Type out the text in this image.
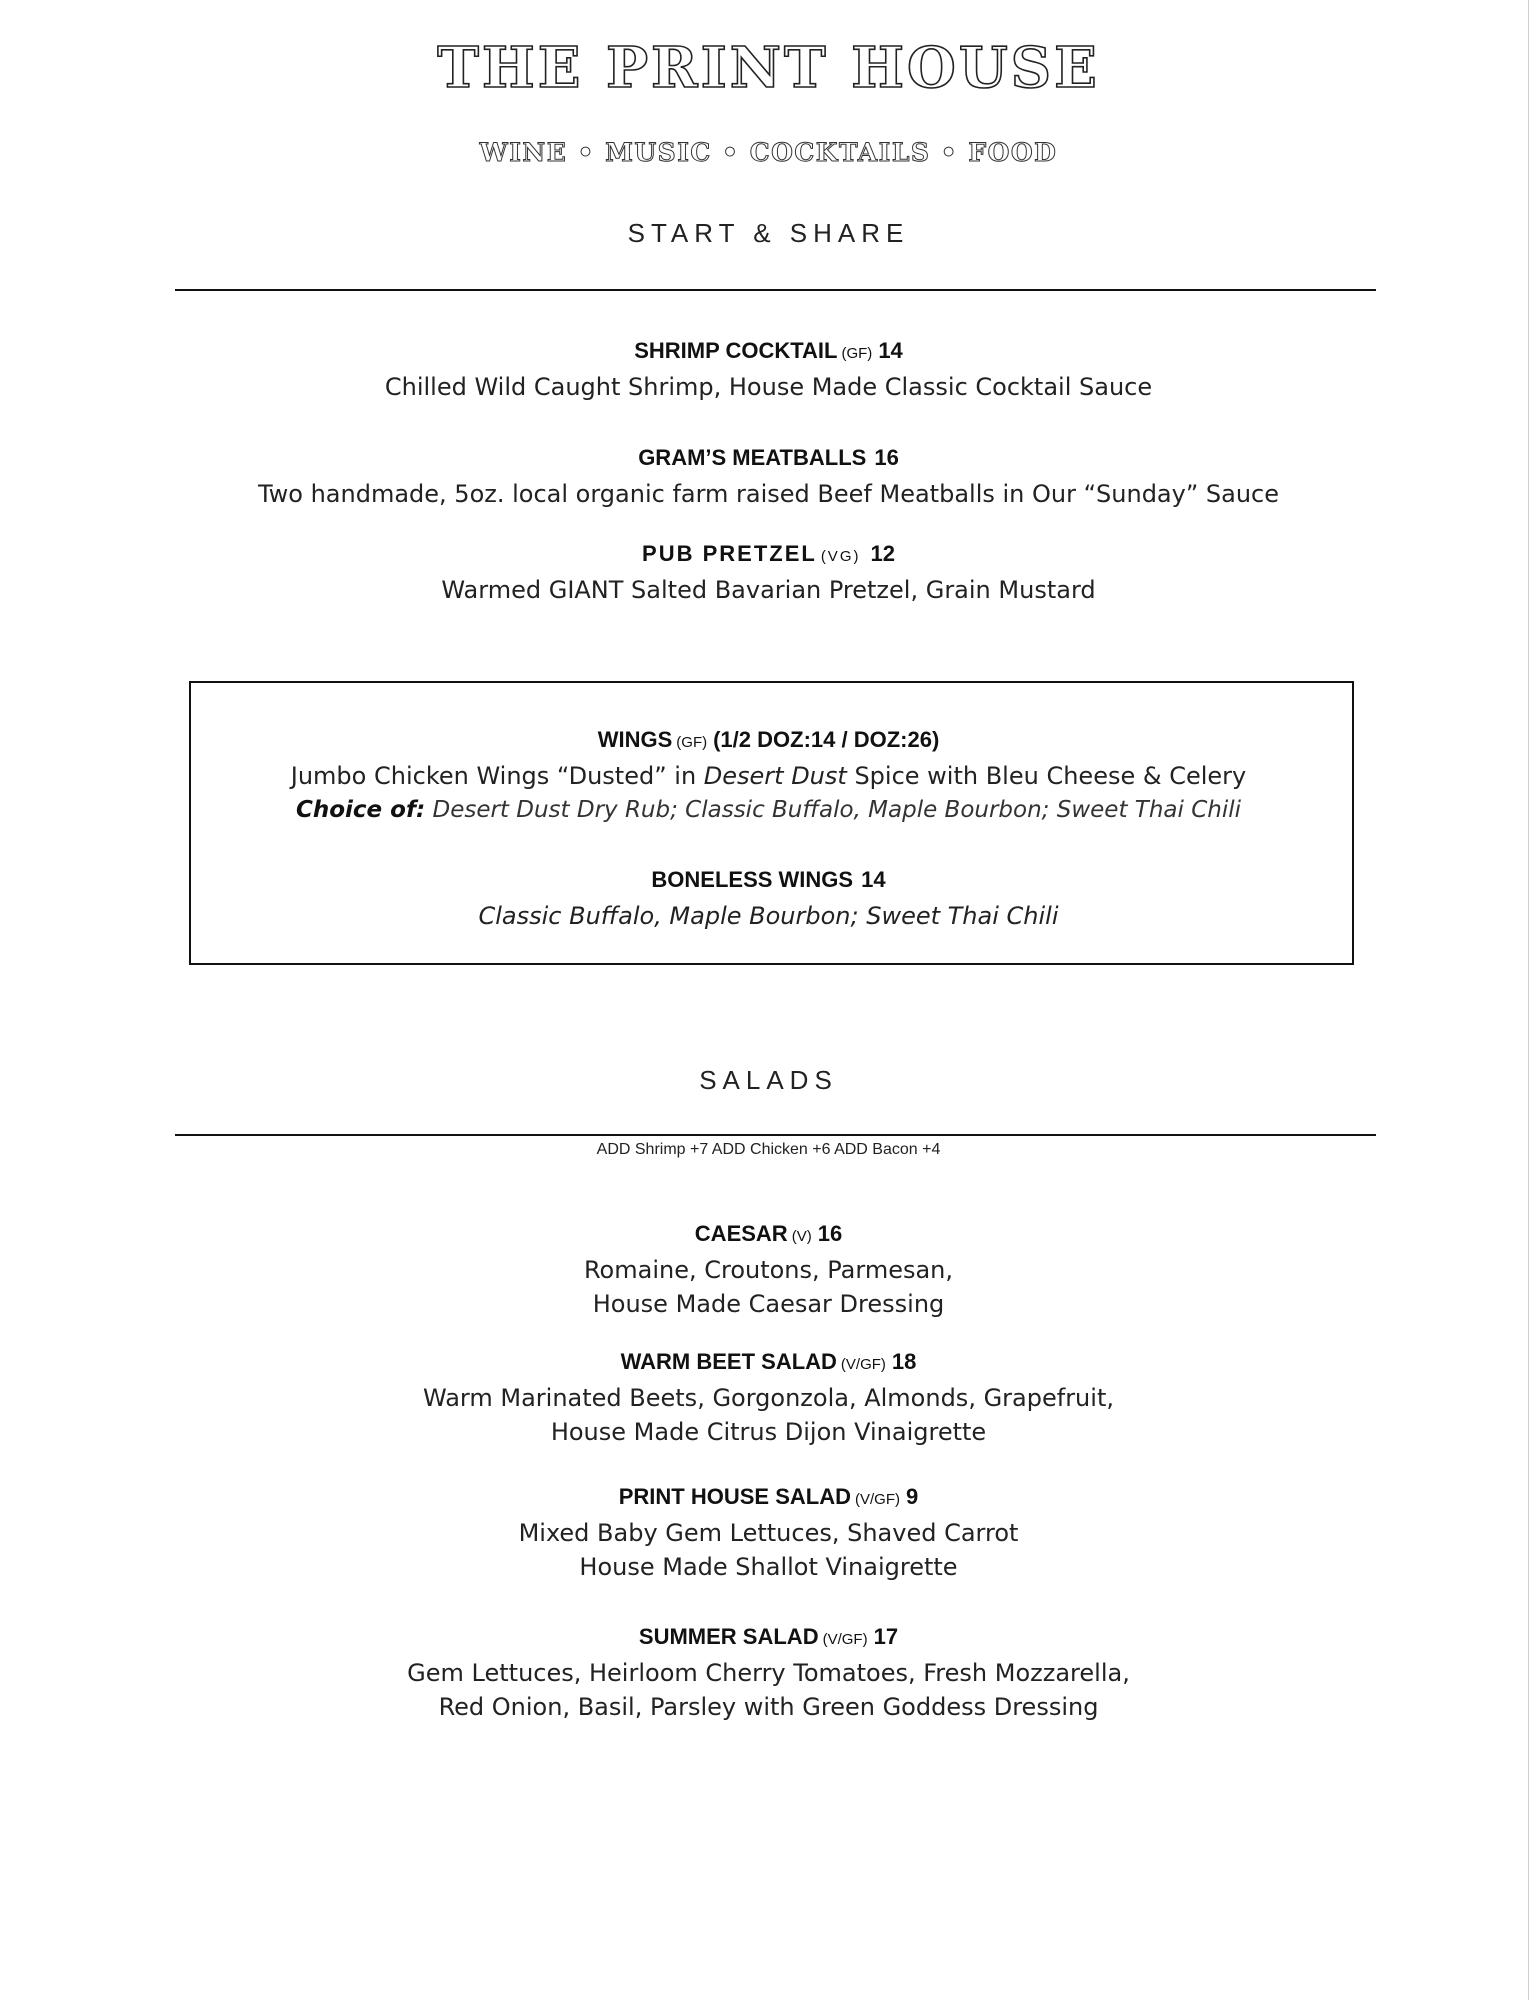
THE PRINT HOUSE
WINE • MUSIC • COCKTAILS • FOOD
START & SHARE
SHRIMP COCKTAIL (GF) 14
Chilled Wild Caught Shrimp, House Made Classic Cocktail Sauce
GRAM’S MEATBALLS 16
Two handmade, 5oz. local organic farm raised Beef Meatballs in Our “Sunday” Sauce
PUB PRETZEL (VG) 12
Warmed GIANT Salted Bavarian Pretzel, Grain Mustard
WINGS (GF) (1/2 DOZ:14 / DOZ:26)
Jumbo Chicken Wings “Dusted” in Desert Dust Spice with Bleu Cheese & Celery
Choice of: Desert Dust Dry Rub; Classic Buffalo, Maple Bourbon; Sweet Thai Chili
BONELESS WINGS 14
Classic Buffalo, Maple Bourbon; Sweet Thai Chili
SALADS
ADD Shrimp +7 ADD Chicken +6 ADD Bacon +4
CAESAR (V) 16
Romaine, Croutons, Parmesan,
House Made Caesar Dressing
WARM BEET SALAD (V/GF) 18
Warm Marinated Beets, Gorgonzola, Almonds, Grapefruit,
House Made Citrus Dijon Vinaigrette
PRINT HOUSE SALAD (V/GF) 9
Mixed Baby Gem Lettuces, Shaved Carrot
House Made Shallot Vinaigrette
SUMMER SALAD (V/GF) 17
Gem Lettuces, Heirloom Cherry Tomatoes, Fresh Mozzarella,
Red Onion, Basil, Parsley with Green Goddess Dressing
